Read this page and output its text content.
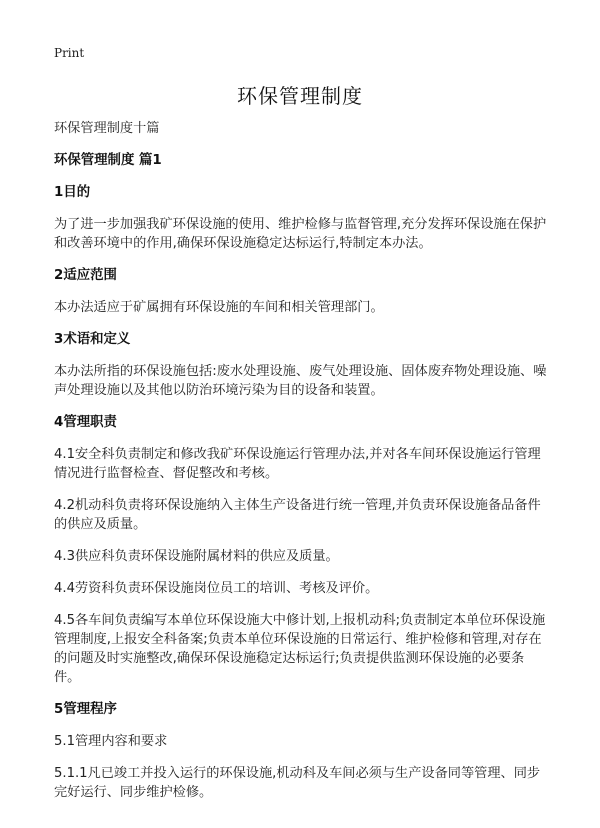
Print
环保管理制度

环保管理制度十篇

环保管理制度 篇1

1目的

为了进一步加强我矿环保设施的使用、维护检修与监督管理,充分发挥环保设施在保护和改善环境中的作用,确保环保设施稳定达标运行,特制定本办法。

2适应范围

本办法适应于矿属拥有环保设施的车间和相关管理部门。

3术语和定义

本办法所指的环保设施包括:废水处理设施、废气处理设施、固体废弃物处理设施、噪声处理设施以及其他以防治环境污染为目的设备和装置。

4管理职责

4.1安全科负责制定和修改我矿环保设施运行管理办法,并对各车间环保设施运行管理情况进行监督检查、督促整改和考核。

4.2机动科负责将环保设施纳入主体生产设备进行统一管理,并负责环保设施备品备件的供应及质量。

4.3供应科负责环保设施附属材料的供应及质量。

4.4劳资科负责环保设施岗位员工的培训、考核及评价。

4.5各车间负责编写本单位环保设施大中修计划,上报机动科;负责制定本单位环保设施管理制度,上报安全科备案;负责本单位环保设施的日常运行、维护检修和管理,对存在的问题及时实施整改,确保环保设施稳定达标运行;负责提供监测环保设施的必要条件。

5管理程序

5.1管理内容和要求

5.1.1凡已竣工并投入运行的环保设施,机动科及车间必须与生产设备同等管理、同步完好运行、同步维护检修。
